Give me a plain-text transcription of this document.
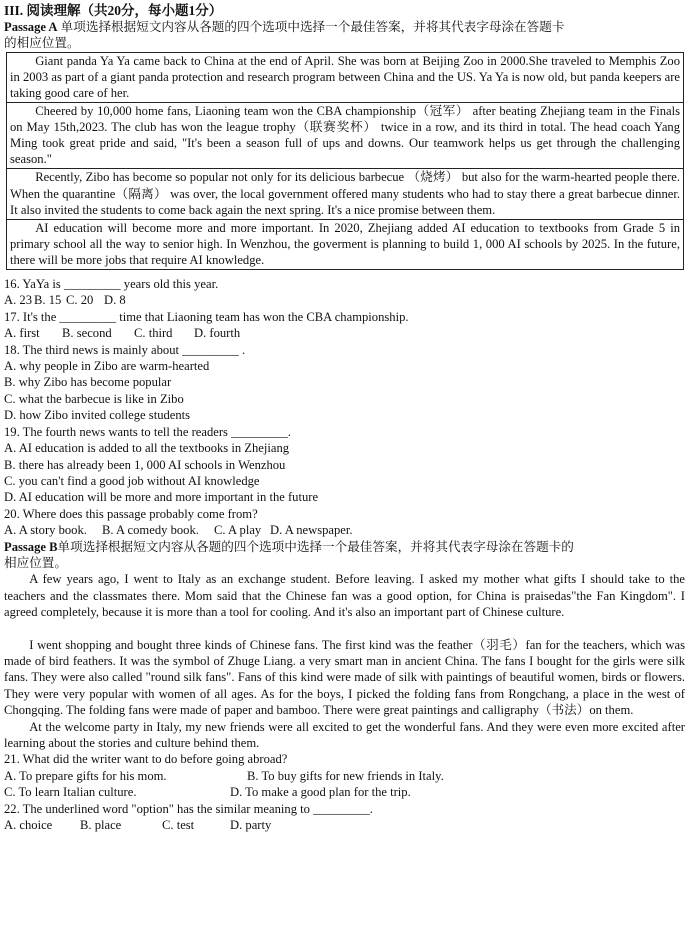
III. 阅读理解（共20分，每小题1分）
Passage A 单项选择根据短文内容从各题的四个选项中选择一个最佳答案，并将其代表字母涂在答题卡
的相应位置。

Giant panda Ya Ya came back to China at the end of April. She was born at Beijing Zoo in 2000.She traveled to Memphis Zoo in 2003 as part of a giant panda protection and research program between China and the US. Ya Ya is now old, but panda keepers are taking good care of her.

Cheered by 10,000 home fans, Liaoning team won the CBA championship（冠军） after beating Zhejiang team in the Finals on May 15th,2023. The club has won the league trophy（联赛奖杯） twice in a row, and its third in total. The head coach Yang Ming took great pride and said, "It's been a season full of ups and downs. Our teamwork helps us get through the challenging season."

Recently, Zibo has become so popular not only for its delicious barbecue （烧烤） but also for the warm-hearted people there. When the quarantine（隔离） was over, the local government offered many students who had to stay there a great barbecue dinner. It also invited the students to come back again the next spring. It's a nice promise between them.

AI education will become more and more important. In 2020, Zhejiang added AI education to textbooks from Grade 5 in primary school all the way to senior high. In Wenzhou, the goverment is planning to build 1, 000 AI schools by 2025. In the future, there will be more jobs that require AI knowledge.

16. YaYa is _________ years old this year.
A. 23 B. 15 C. 20 D. 8
17. It's the _________ time that Liaoning team has won the CBA championship.
A. first B. second C. third D. fourth
18. The third news is mainly about _________ .
A. why people in Zibo are warm-hearted
B. why Zibo has become popular
C. what the barbecue is like in Zibo
D. how Zibo invited college students
19. The fourth news wants to tell the readers _________.
A. AI education is added to all the textbooks in Zhejiang
B. there has already been 1, 000 AI schools in Wenzhou
C. you can't find a good job without AI knowledge
D. AI education will be more and more important in the future
20. Where does this passage probably come from?
A. A story book. B. A comedy book. C. A play D. A newspaper.
Passage B单项选择根据短文内容从各题的四个选项中选择一个最佳答案，并将其代表字母涂在答题卡的
相应位置。

A few years ago, I went to Italy as an exchange student. Before leaving. I asked my mother what gifts I should take to the teachers and the classmates there. Mom said that the Chinese fan was a good option, for China is praisedas"the Fan Kingdom". I agreed completely, because it is more than a tool for cooling. And it's also an important part of Chinese culture.

I went shopping and bought three kinds of Chinese fans. The first kind was the feather（羽毛）fan for the teachers, which was made of bird feathers. It was the symbol of Zhuge Liang. a very smart man in ancient China. The fans I bought for the girls were silk fans. They were also called "round silk fans". Fans of this kind were made of silk with paintings of beautiful women, birds or flowers. They were very popular with women of all ages. As for the boys, I picked the folding fans from Rongchang, a place in the west of Chongqing. The folding fans were made of paper and bamboo. There were great paintings and calligraphy（书法）on them.

At the welcome party in Italy, my new friends were all excited to get the wonderful fans. And they were even more excited after learning about the stories and culture behind them.

21. What did the writer want to do before going abroad?
A. To prepare gifts for his mom.	B. To buy gifts for new friends in Italy.
C. To learn Italian culture.	D. To make a good plan for the trip.
22. The underlined word "option" has the similar meaning to _________.
A. choice B. place	C. test	D. party
